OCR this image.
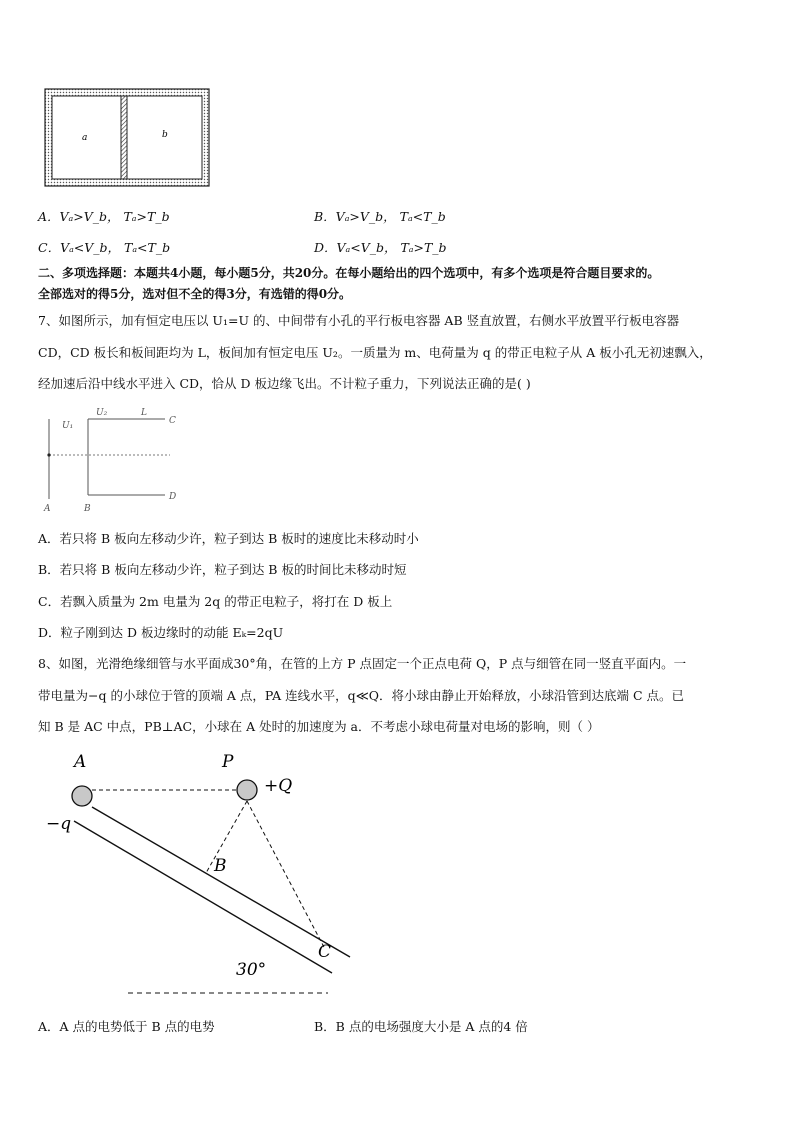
a	b
A．Vₐ>V_b， Tₐ>T_b	B．Vₐ>V_b， Tₐ<T_b
C．Vₐ<V_b， Tₐ<T_b	D．Vₐ<V_b， Tₐ>T_b
二、多项选择题：本题共4小题，每小题5分，共20分。在每小题给出的四个选项中，有多个选项是符合题目要求的。
全部选对的得5分，选对但不全的得3分，有选错的得0分。
7、如图所示，加有恒定电压以 U₁=U 的、中间带有小孔的平行板电容器 AB 竖直放置，右侧水平放置平行板电容器
CD，CD 板长和板间距均为 L，板间加有恒定电压 U₂。一质量为 m、电荷量为 q 的带正电粒子从 A 板小孔无初速飘入，
经加速后沿中线水平进入 CD，恰从 D 板边缘飞出。不计粒子重力，下列说法正确的是( )
U₁
U₂	L
C
D
A	B
A．若只将 B 板向左移动少许，粒子到达 B 板时的速度比未移动时小
B．若只将 B 板向左移动少许，粒子到达 B 板的时间比未移动时短
C．若飘入质量为 2m 电量为 2q 的带正电粒子，将打在 D 板上
D．粒子刚到达 D 板边缘时的动能 Eₖ=2qU
8、如图，光滑绝缘细管与水平面成30°角，在管的上方 P 点固定一个正点电荷 Q，P 点与细管在同一竖直平面内。一
带电量为−q 的小球位于管的顶端 A 点，PA 连线水平，q≪Q．将小球由静止开始释放，小球沿管到达底端 C 点。已
知 B 是 AC 中点，PB⊥AC，小球在 A 处时的加速度为 a．不考虑小球电荷量对电场的影响，则（ ）
A	P
+Q
−q
B
C
30°
A．A 点的电势低于 B 点的电势	B．B 点的电场强度大小是 A 点的4 倍
